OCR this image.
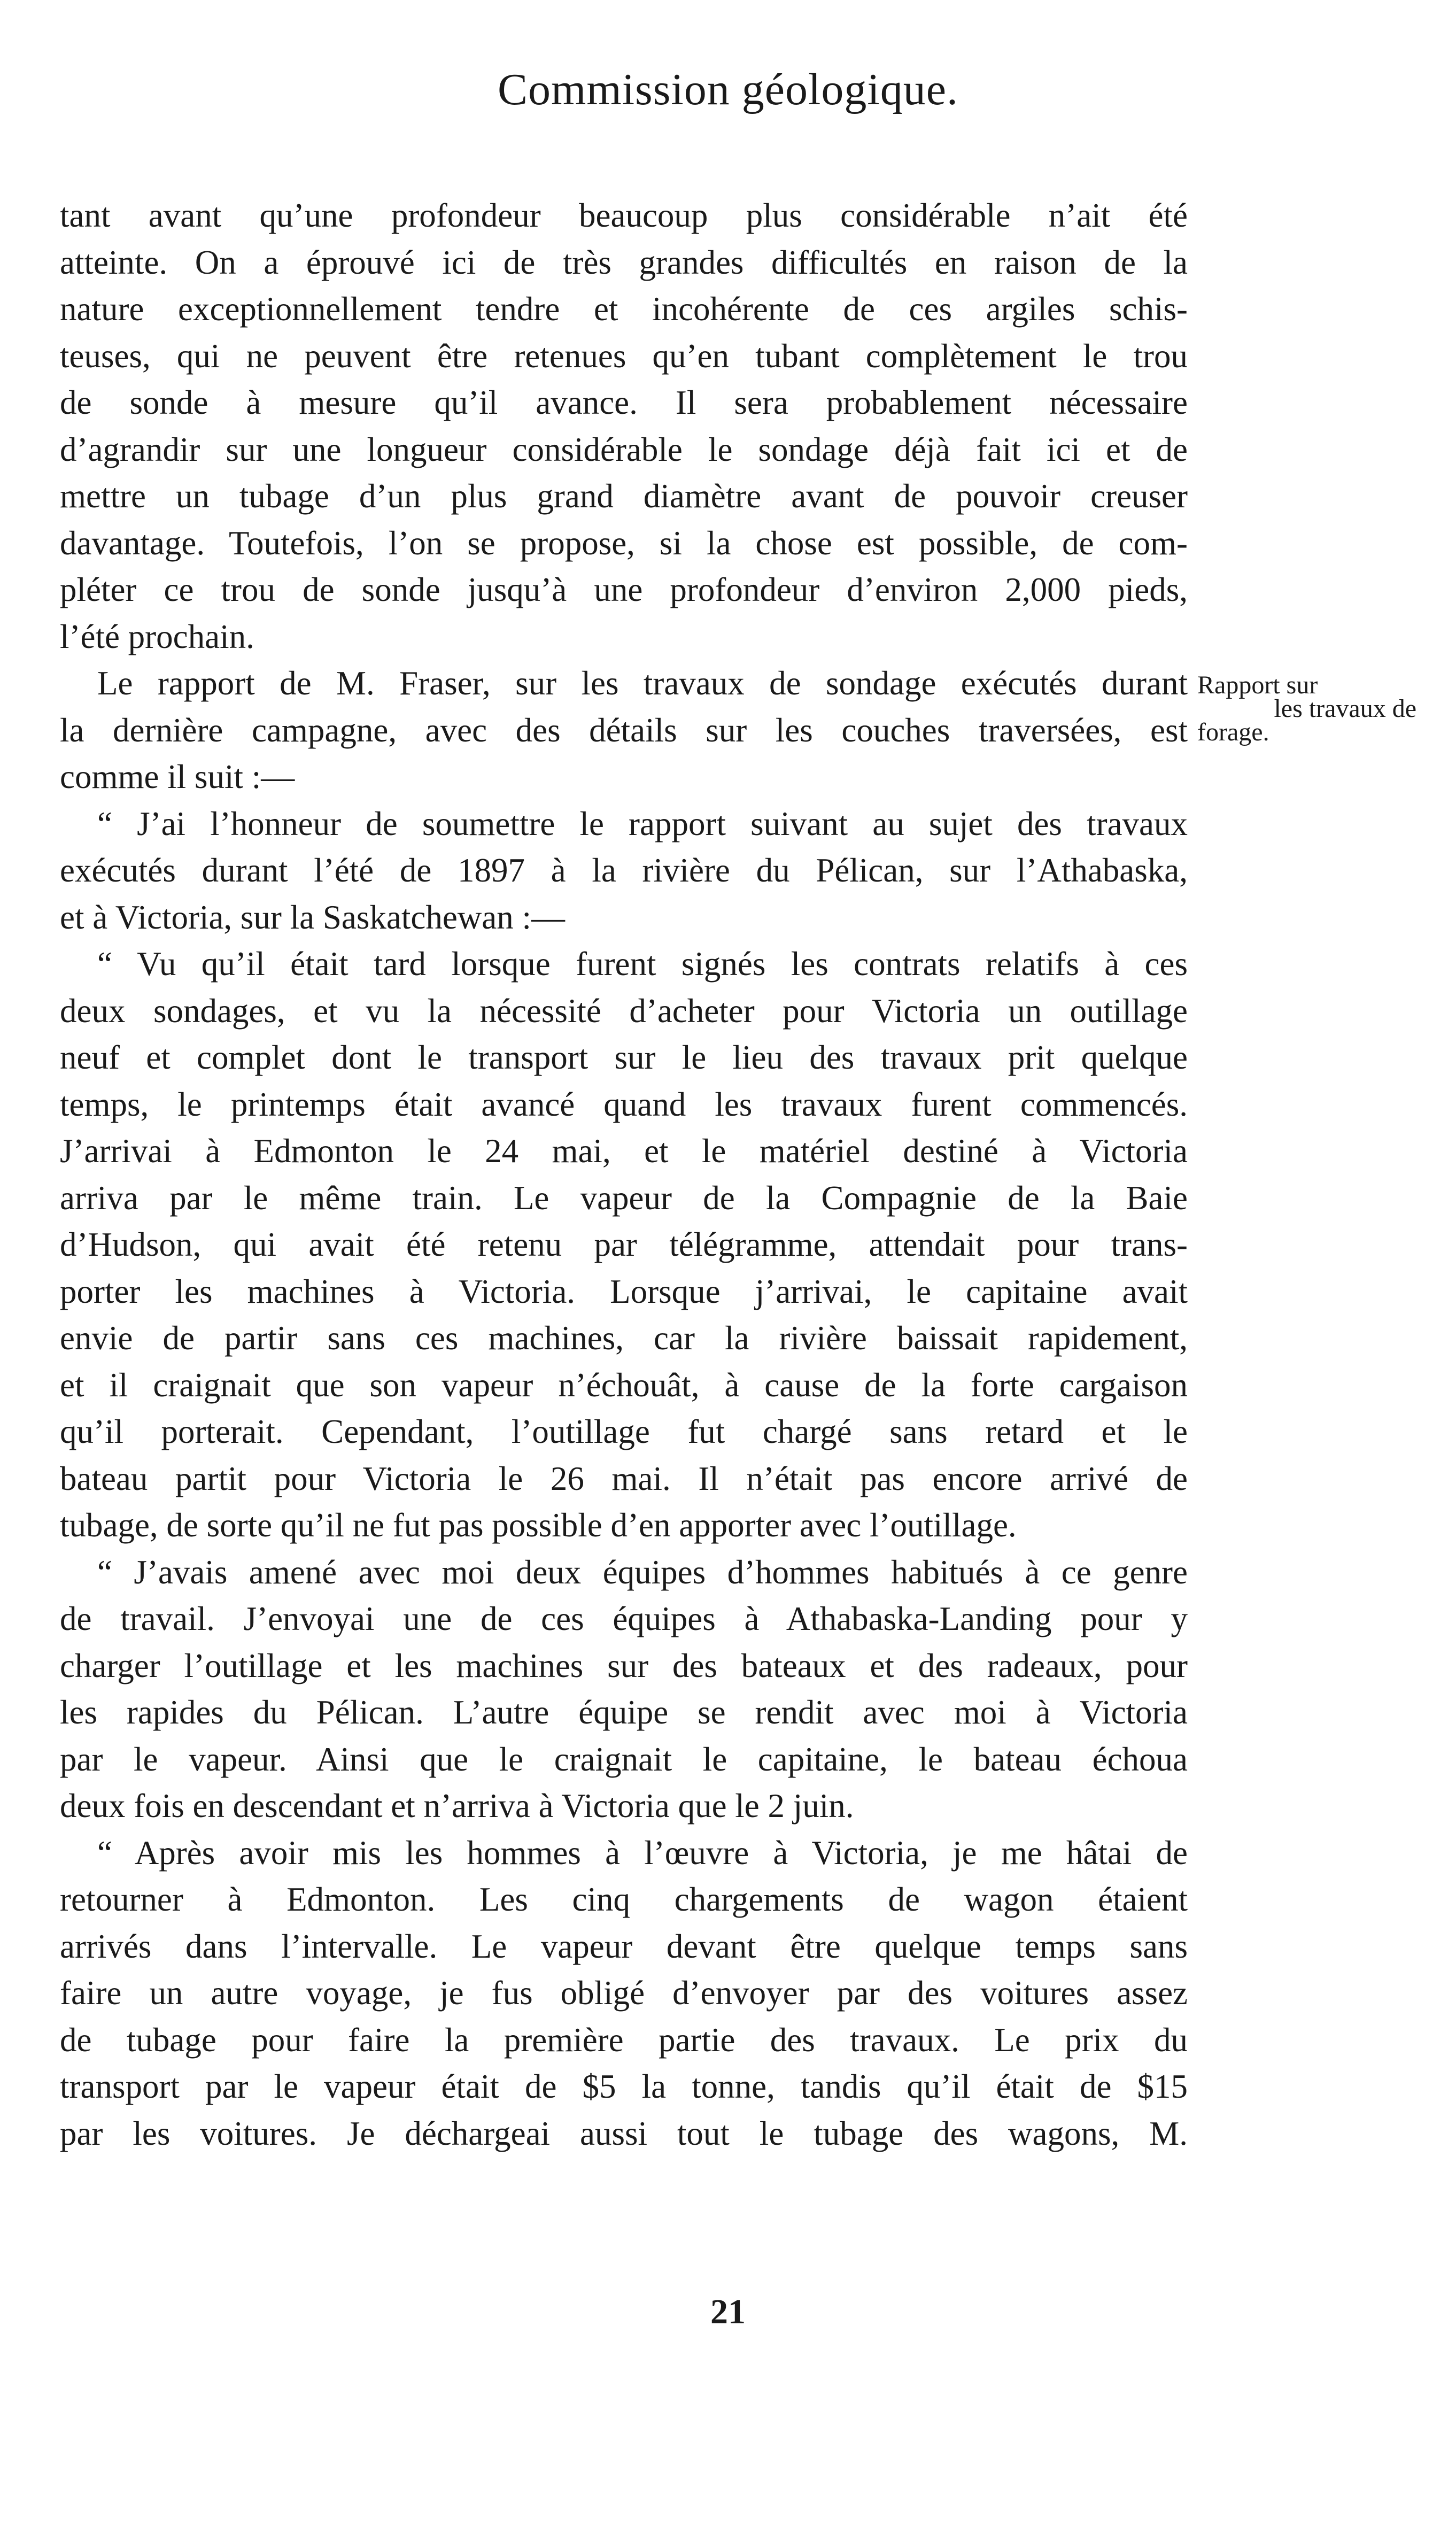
Commission géologique.
tant avant qu’une profondeur beaucoup plus considérable n’ait été
atteinte. On a éprouvé ici de très grandes difficultés en raison de la
nature exceptionnellement tendre et incohérente de ces argiles schis-
teuses, qui ne peuvent être retenues qu’en tubant complètement le trou
de sonde à mesure qu’il avance. Il sera probablement nécessaire
d’agrandir sur une longueur considérable le sondage déjà fait ici et de
mettre un tubage d’un plus grand diamètre avant de pouvoir creuser
davantage. Toutefois, l’on se propose, si la chose est possible, de com-
pléter ce trou de sonde jusqu’à une profondeur d’environ 2,000 pieds,
l’été prochain.
Le rapport de M. Fraser, sur les travaux de sondage exécutés durant
la dernière campagne, avec des détails sur les couches traversées, est
comme il suit :—
“ J’ai l’honneur de soumettre le rapport suivant au sujet des travaux
exécutés durant l’été de 1897 à la rivière du Pélican, sur l’Athabaska,
et à Victoria, sur la Saskatchewan :—
“ Vu qu’il était tard lorsque furent signés les contrats relatifs à ces
deux sondages, et vu la nécessité d’acheter pour Victoria un outillage
neuf et complet dont le transport sur le lieu des travaux prit quelque
temps, le printemps était avancé quand les travaux furent commencés.
J’arrivai à Edmonton le 24 mai, et le matériel destiné à Victoria
arriva par le même train. Le vapeur de la Compagnie de la Baie
d’Hudson, qui avait été retenu par télégramme, attendait pour trans-
porter les machines à Victoria. Lorsque j’arrivai, le capitaine avait
envie de partir sans ces machines, car la rivière baissait rapidement,
et il craignait que son vapeur n’échouât, à cause de la forte cargaison
qu’il porterait. Cependant, l’outillage fut chargé sans retard et le
bateau partit pour Victoria le 26 mai. Il n’était pas encore arrivé de
tubage, de sorte qu’il ne fut pas possible d’en apporter avec l’outillage.
“ J’avais amené avec moi deux équipes d’hommes habitués à ce genre
de travail. J’envoyai une de ces équipes à Athabaska-Landing pour y
charger l’outillage et les machines sur des bateaux et des radeaux, pour
les rapides du Pélican. L’autre équipe se rendit avec moi à Victoria
par le vapeur. Ainsi que le craignait le capitaine, le bateau échoua
deux fois en descendant et n’arriva à Victoria que le 2 juin.
“ Après avoir mis les hommes à l’œuvre à Victoria, je me hâtai de
retourner à Edmonton. Les cinq chargements de wagon étaient
arrivés dans l’intervalle. Le vapeur devant être quelque temps sans
faire un autre voyage, je fus obligé d’envoyer par des voitures assez
de tubage pour faire la première partie des travaux. Le prix du
transport par le vapeur était de $5 la tonne, tandis qu’il était de $15
par les voitures. Je déchargeai aussi tout le tubage des wagons, M.
Rapport sur
les travaux de
forage.
21
